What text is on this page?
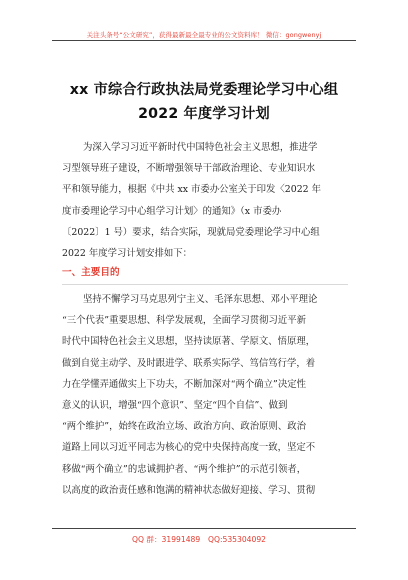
关注头条号“公文研究”，获得最新最全最专业的公文资料库！ 微信：gongwenyj
xx 市综合行政执法局党委理论学习中心组
2022 年度学习计划
为深入学习习近平新时代中国特色社会主义思想，推进学
习型领导班子建设，不断增强领导干部政治理论、专业知识水
平和领导能力，根据《中共 xx 市委办公室关于印发〈2022 年
度市委理论学习中心组学习计划〉的通知》（x 市委办
〔2022〕1 号）要求，结合实际，现就局党委理论学习中心组
2022 年度学习计划安排如下：
一、主要目的
坚持不懈学习马克思列宁主义、毛泽东思想、邓小平理论
“三个代表”重要思想、科学发展观，全面学习贯彻习近平新
时代中国特色社会主义思想，坚持读原著、学原文、悟原理，
做到自觉主动学、及时跟进学、联系实际学、笃信笃行学，着
力在学懂弄通做实上下功夫，不断加深对“两个确立”决定性
意义的认识，增强“四个意识”、坚定“四个自信”、做到
“两个维护”，始终在政治立场、政治方向、政治原则、政治
道路上同以习近平同志为核心的党中央保持高度一致，坚定不
移做“两个确立”的忠诚拥护者、“两个维护”的示范引领者，
以高度的政治责任感和饱满的精神状态做好迎接、学习、贯彻
QQ 群：31991489 QQ:535304092
